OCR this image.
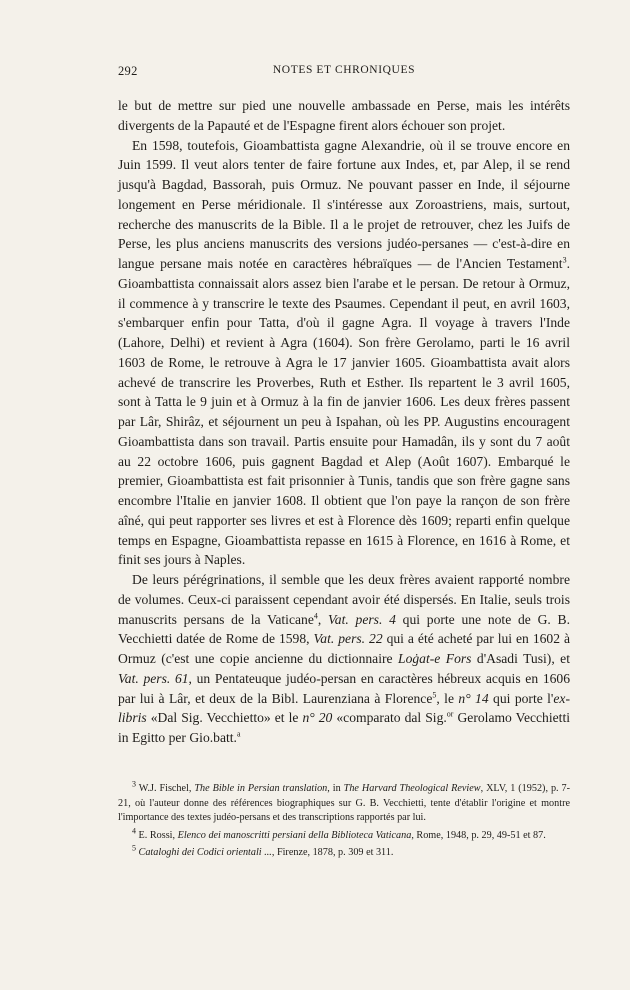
292	NOTES ET CHRONIQUES

le but de mettre sur pied une nouvelle ambassade en Perse, mais les intérêts divergents de la Papauté et de l'Espagne firent alors échouer son projet.

En 1598, toutefois, Gioambattista gagne Alexandrie, où il se trouve encore en Juin 1599. Il veut alors tenter de faire fortune aux Indes, et, par Alep, il se rend jusqu'à Bagdad, Bassorah, puis Ormuz. Ne pouvant passer en Inde, il séjourne longement en Perse méridionale. Il s'intéresse aux Zoroastriens, mais, surtout, recherche des manuscrits de la Bible. Il a le projet de retrouver, chez les Juifs de Perse, les plus anciens manuscrits des versions judéo-persanes — c'est-à-dire en langue persane mais notée en caractères hébraïques — de l'Ancien Testament$^3$. Gioambattista connaissait alors assez bien l'arabe et le persan. De retour à Ormuz, il commence à y transcrire le texte des Psaumes. Cependant il peut, en avril 1603, s'embarquer enfin pour Tatta, d'où il gagne Agra. Il voyage à travers l'Inde (Lahore, Delhi) et revient à Agra (1604). Son frère Gerolamo, parti le 16 avril 1603 de Rome, le retrouve à Agra le 17 janvier 1605. Gioambattista avait alors achevé de transcrire les Proverbes, Ruth et Esther. Ils repartent le 3 avril 1605, sont à Tatta le 9 juin et à Ormuz à la fin de janvier 1606. Les deux frères passent par Lâr, Shirâz, et séjournent un peu à Ispahan, où les PP. Augustins encouragent Gioambattista dans son travail. Partis ensuite pour Hamadân, ils y sont du 7 août au 22 octobre 1606, puis gagnent Bagdad et Alep (Août 1607). Embarqué le premier, Gioambattista est fait prisonnier à Tunis, tandis que son frère gagne sans encombre l'Italie en janvier 1608. Il obtient que l'on paye la rançon de son frère aîné, qui peut rapporter ses livres et est à Florence dès 1609; reparti enfin quelque temps en Espagne, Gioambattista repasse en 1615 à Florence, en 1616 à Rome, et finit ses jours à Naples.

De leurs pérégrinations, il semble que les deux frères avaient rapporté nombre de volumes. Ceux-ci paraissent cependant avoir été dispersés. En Italie, seuls trois manuscrits persans de la Vaticane$^4$, Vat. pers. 4 qui porte une note de G. B. Vecchietti datée de Rome de 1598, Vat. pers. 22 qui a été acheté par lui en 1602 à Ormuz (c'est une copie ancienne du dictionnaire Loġat-e Fors d'Asadi Tusi), et Vat. pers. 61, un Pentateuque judéo-persan en caractères hébreux acquis en 1606 par lui à Lâr, et deux de la Bibl. Laurenziana à Florence$^5$, le n° 14 qui porte l'ex-libris «Dal Sig. Vecchietto» et le n° 20 «comparato dal Sig.$^{or}$ Gerolamo Vecchietti in Egitto per Gio.batt.$^a$

$^3$ W.J. Fischel, The Bible in Persian translation, in The Harvard Theological Review, XLV, 1 (1952), p. 7-21, où l'auteur donne des références biographiques sur G. B. Vecchietti, tente d'établir l'origine et montre l'importance des textes judéo-persans et des transcriptions rapportés par lui.

$^4$ E. Rossi, Elenco dei manoscritti persiani della Biblioteca Vaticana, Rome, 1948, p. 29, 49-51 et 87.

$^5$ Cataloghi dei Codici orientali ..., Firenze, 1878, p. 309 et 311.
